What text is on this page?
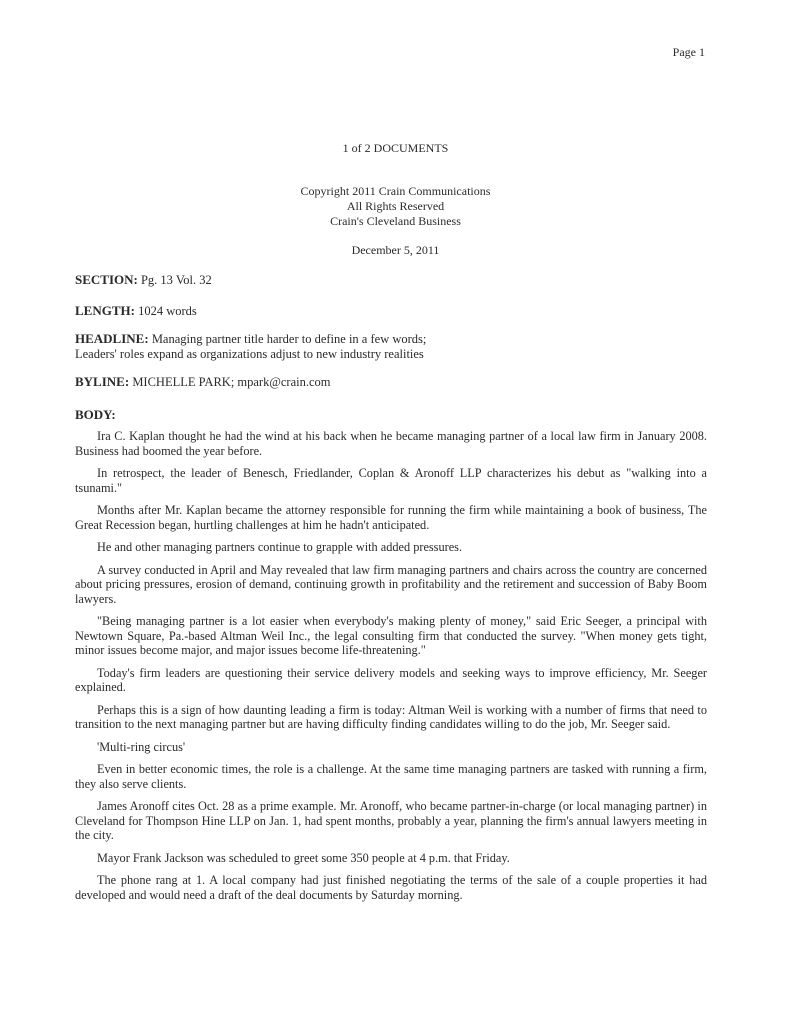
Page 1
1 of 2 DOCUMENTS
Copyright 2011 Crain Communications
All Rights Reserved
Crain's Cleveland Business
December 5, 2011
SECTION: Pg. 13 Vol. 32
LENGTH: 1024 words
HEADLINE: Managing partner title harder to define in a few words;
Leaders' roles expand as organizations adjust to new industry realities
BYLINE: MICHELLE PARK; mpark@crain.com
BODY:

Ira C. Kaplan thought he had the wind at his back when he became managing partner of a local law firm in January 2008. Business had boomed the year before.

In retrospect, the leader of Benesch, Friedlander, Coplan & Aronoff LLP characterizes his debut as "walking into a tsunami."

Months after Mr. Kaplan became the attorney responsible for running the firm while maintaining a book of business, The Great Recession began, hurtling challenges at him he hadn't anticipated.

He and other managing partners continue to grapple with added pressures.

A survey conducted in April and May revealed that law firm managing partners and chairs across the country are concerned about pricing pressures, erosion of demand, continuing growth in profitability and the retirement and succession of Baby Boom lawyers.

"Being managing partner is a lot easier when everybody's making plenty of money," said Eric Seeger, a principal with Newtown Square, Pa.-based Altman Weil Inc., the legal consulting firm that conducted the survey. "When money gets tight, minor issues become major, and major issues become life-threatening."

Today's firm leaders are questioning their service delivery models and seeking ways to improve efficiency, Mr. Seeger explained.

Perhaps this is a sign of how daunting leading a firm is today: Altman Weil is working with a number of firms that need to transition to the next managing partner but are having difficulty finding candidates willing to do the job, Mr. Seeger said.

'Multi-ring circus'

Even in better economic times, the role is a challenge. At the same time managing partners are tasked with running a firm, they also serve clients.

James Aronoff cites Oct. 28 as a prime example. Mr. Aronoff, who became partner-in-charge (or local managing partner) in Cleveland for Thompson Hine LLP on Jan. 1, had spent months, probably a year, planning the firm's annual lawyers meeting in the city.

Mayor Frank Jackson was scheduled to greet some 350 people at 4 p.m. that Friday.

The phone rang at 1. A local company had just finished negotiating the terms of the sale of a couple properties it had developed and would need a draft of the deal documents by Saturday morning.
